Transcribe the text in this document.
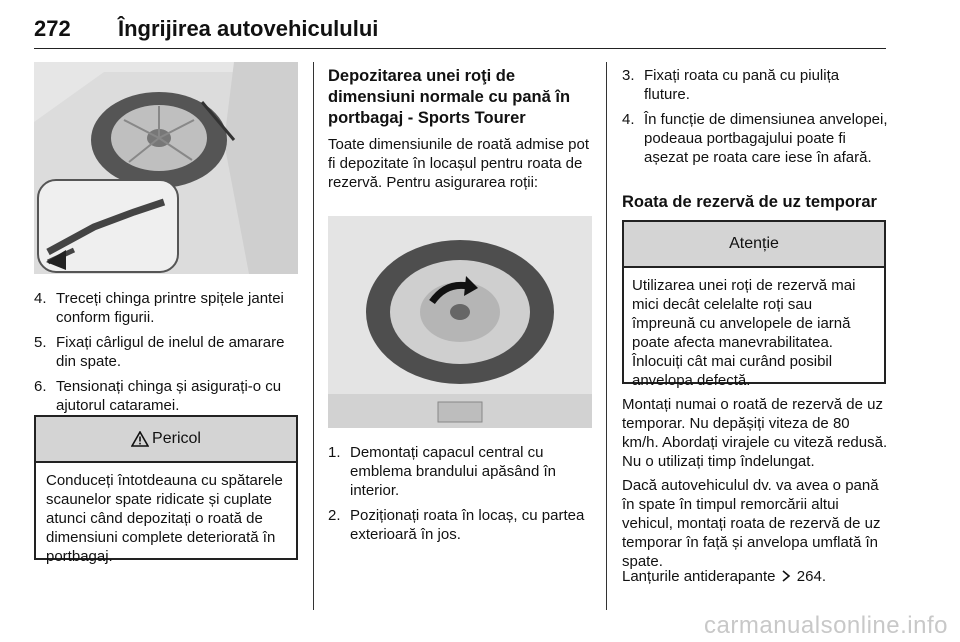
272 Îngrijirea autovehiculului
4. Treceți chinga printre spițele jantei conform figurii.
5. Fixați cârligul de inelul de amarare din spate.
6. Tensionați chinga și asigurați-o cu ajutorul cataramei.
Pericol
Conduceți întotdeauna cu spătarele scaunelor spate ridicate și cuplate atunci când depozitați o roată de dimensiuni complete deteriorată în portbagaj.
Depozitarea unei roţi de dimensiuni normale cu pană în portbagaj - Sports Tourer

Toate dimensiunile de roată admise pot fi depozitate în locașul pentru roata de rezervă. Pentru asigurarea roții:

1. Demontați capacul central cu emblema brandului apăsând în interior.
2. Poziționați roata în locaș, cu partea exterioară în jos.
3. Fixați roata cu pană cu piulița fluture.
4. În funcție de dimensiunea anvelopei, podeaua portbagajului poate fi așezat pe roata care iese în afară.
Roata de rezervă de uz temporar
Atenție
Utilizarea unei roți de rezervă mai mici decât celelalte roți sau împreună cu anvelopele de iarnă poate afecta manevrabilitatea. Înlocuiți cât mai curând posibil anvelopa defectă.

Montați numai o roată de rezervă de uz temporar. Nu depășiți viteza de 80 km/h. Abordați virajele cu viteză redusă. Nu o utilizați timp îndelungat.

Dacă autovehiculul dv. va avea o pană în spate în timpul remorcării altui vehicul, montați roata de rezervă de uz temporar în față și anvelopa umflată în spate.

Lanțurile antiderapante 264.

carmanualsonline.info
